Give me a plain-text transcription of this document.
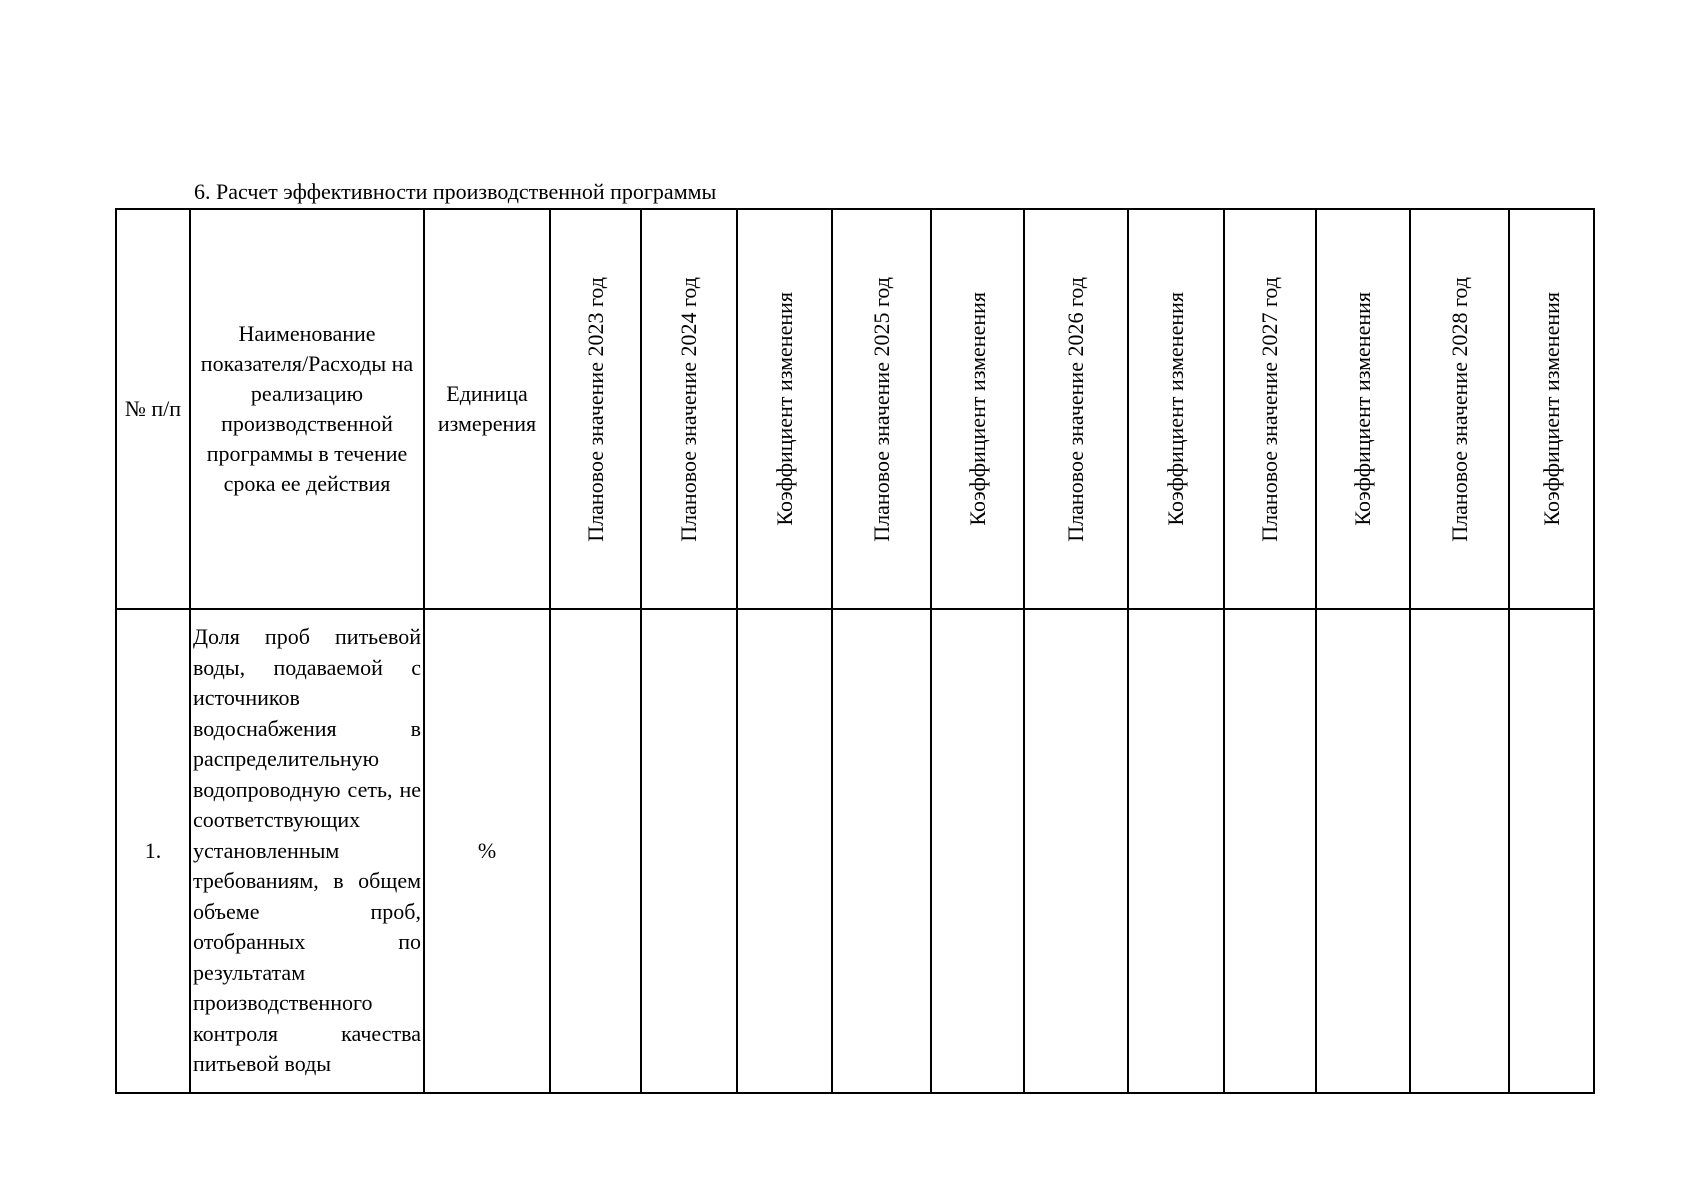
6. Расчет эффективности производственной программы
№ п/п	Наименование показателя/Расходы на реализацию производственной программы в течение срока ее действия	Единица измерения	Плановое значение 2023 год	Плановое значение 2024 год	Коэффициент изменения	Плановое значение 2025 год	Коэффициент изменения	Плановое значение 2026 год	Коэффициент изменения	Плановое значение 2027 год	Коэффициент изменения	Плановое значение 2028 год	Коэффициент изменения

1.	Доля проб питьевой воды, подаваемой с источников водоснабжения в распределительную водопроводную сеть, не соответствующих установленным требованиям, в общем объеме проб, отобранных по результатам производственного контроля качества питьевой воды	%											
